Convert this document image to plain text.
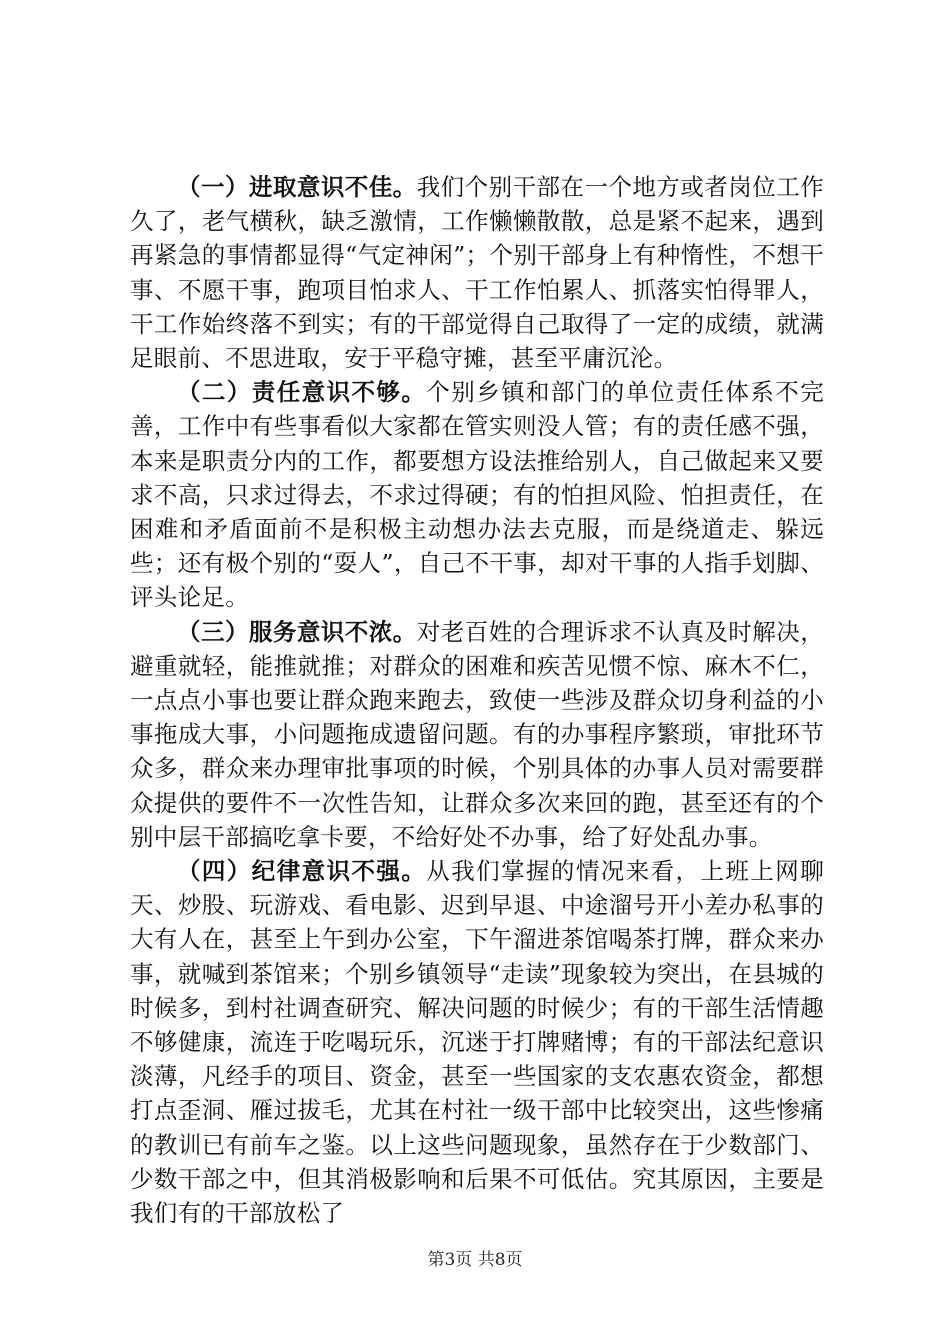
（一）进取意识不佳。我们个别干部在一个地方或者岗位工作久了，老气横秋，缺乏激情，工作懒懒散散，总是紧不起来，遇到再紧急的事情都显得“气定神闲”；个别干部身上有种惰性，不想干事、不愿干事，跑项目怕求人、干工作怕累人、抓落实怕得罪人，干工作始终落不到实；有的干部觉得自己取得了一定的成绩，就满足眼前、不思进取，安于平稳守摊，甚至平庸沉沦。

（二）责任意识不够。个别乡镇和部门的单位责任体系不完善，工作中有些事看似大家都在管实则没人管；有的责任感不强，本来是职责分内的工作，都要想方设法推给别人，自己做起来又要求不高，只求过得去，不求过得硬；有的怕担风险、怕担责任，在困难和矛盾面前不是积极主动想办法去克服，而是绕道走、躲远些；还有极个别的“耍人”，自己不干事，却对干事的人指手划脚、评头论足。

（三）服务意识不浓。对老百姓的合理诉求不认真及时解决，避重就轻，能推就推；对群众的困难和疾苦见惯不惊、麻木不仁，一点点小事也要让群众跑来跑去，致使一些涉及群众切身利益的小事拖成大事，小问题拖成遗留问题。有的办事程序繁琐，审批环节众多，群众来办理审批事项的时候，个别具体的办事人员对需要群众提供的要件不一次性告知，让群众多次来回的跑，甚至还有的个别中层干部搞吃拿卡要，不给好处不办事，给了好处乱办事。

（四）纪律意识不强。从我们掌握的情况来看，上班上网聊天、炒股、玩游戏、看电影、迟到早退、中途溜号开小差办私事的大有人在，甚至上午到办公室，下午溜进茶馆喝茶打牌，群众来办事，就喊到茶馆来；个别乡镇领导“走读”现象较为突出，在县城的时候多，到村社调查研究、解决问题的时候少；有的干部生活情趣不够健康，流连于吃喝玩乐，沉迷于打牌赌博；有的干部法纪意识淡薄，凡经手的项目、资金，甚至一些国家的支农惠农资金，都想打点歪洞、雁过拔毛，尤其在村社一级干部中比较突出，这些惨痛的教训已有前车之鉴。以上这些问题现象，虽然存在于少数部门、少数干部之中，但其消极影响和后果不可低估。究其原因，主要是我们有的干部放松了

第3页 共8页
